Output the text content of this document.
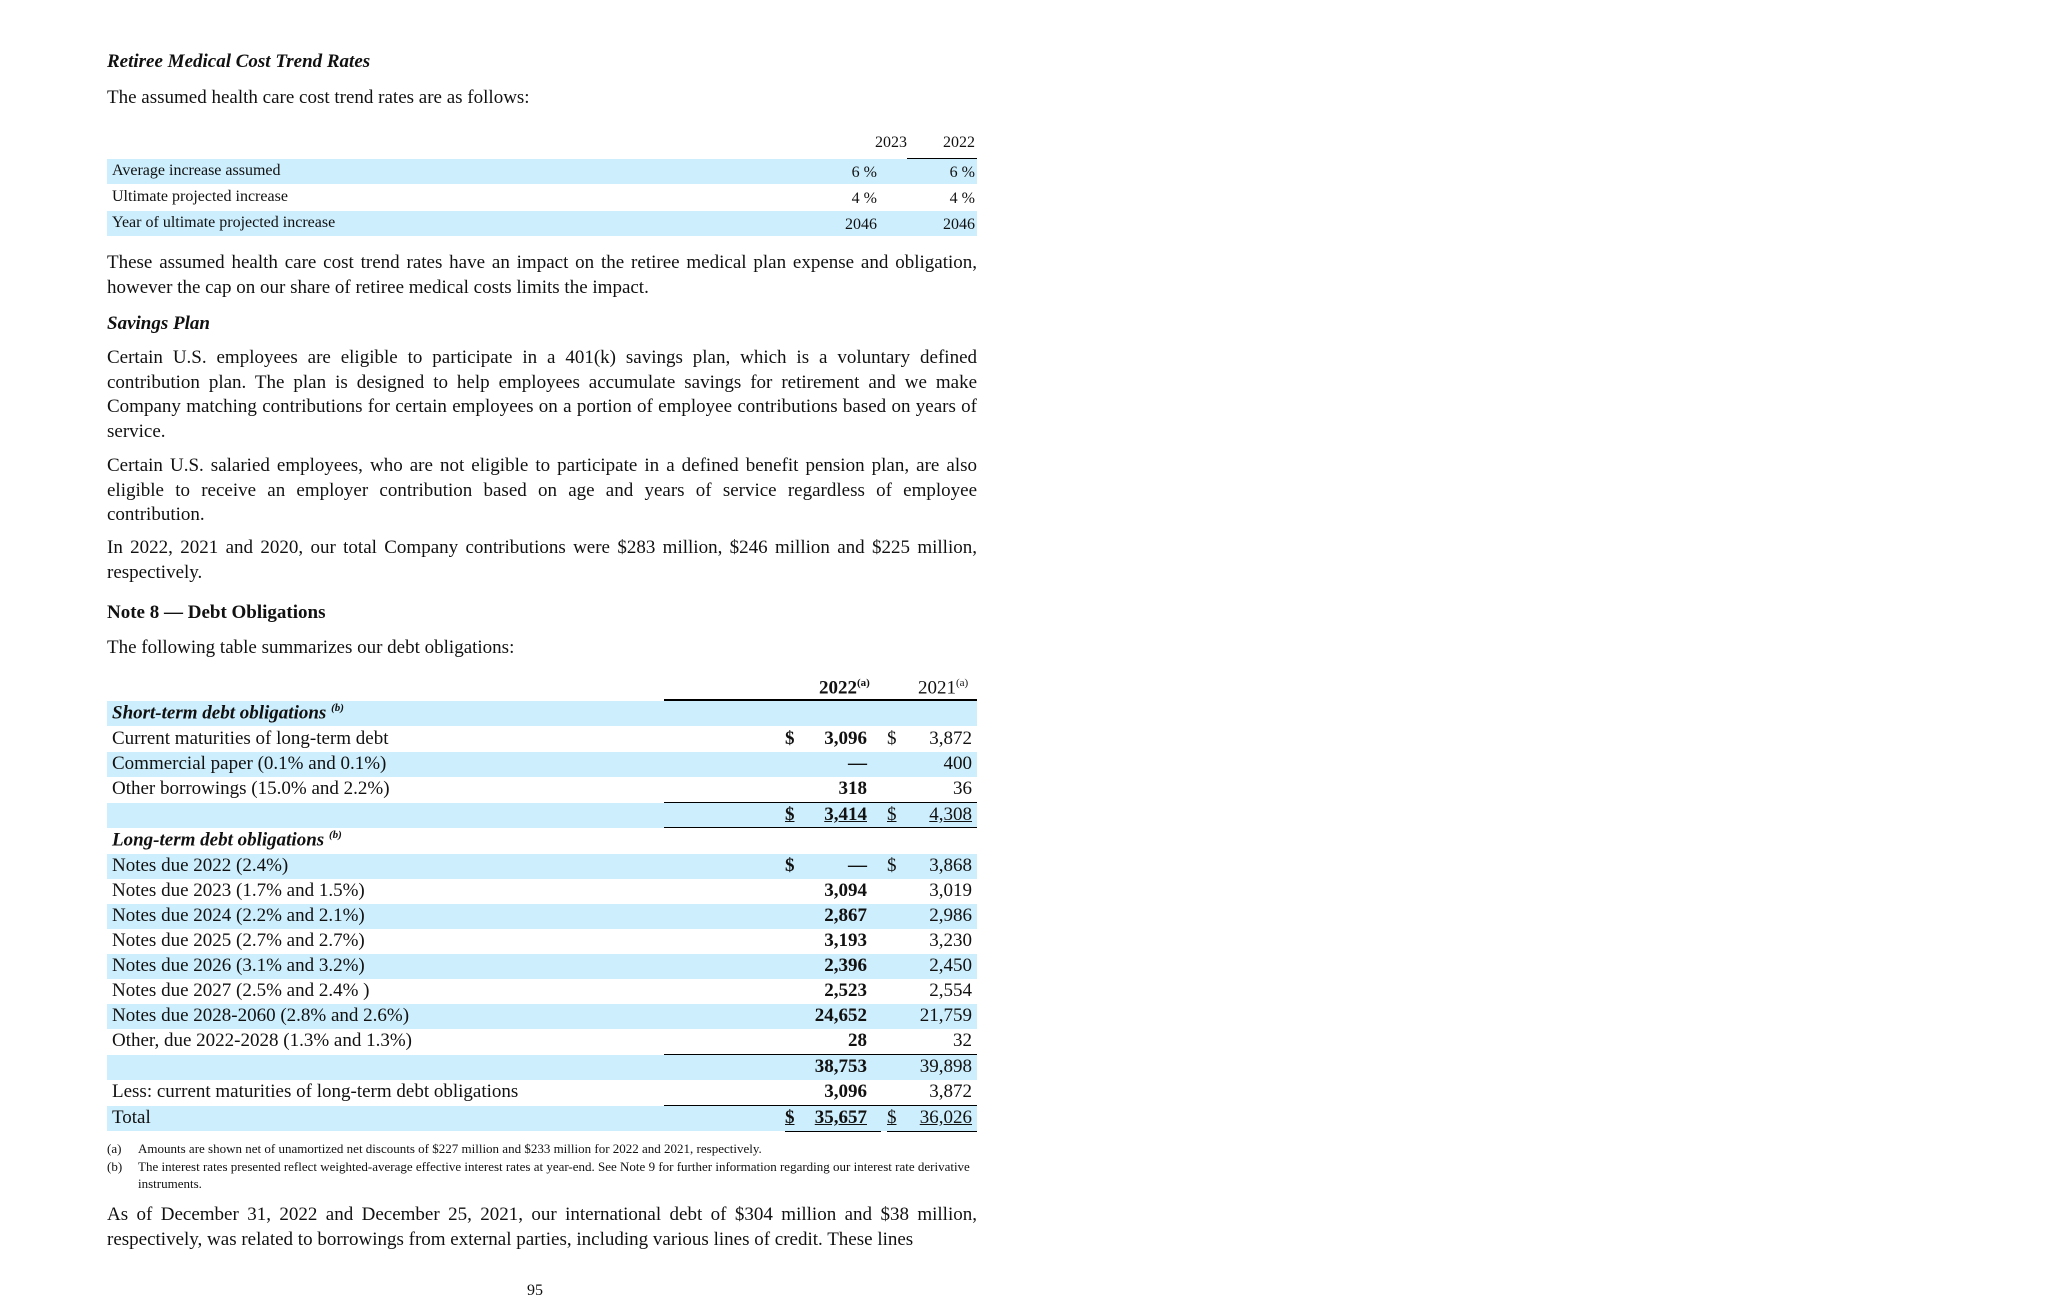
Retiree Medical Cost Trend Rates

The assumed health care cost trend rates are as follows:

2023 2022
Average increase assumed	6 %	6 %
Ultimate projected increase	4 %	4 %
Year of ultimate projected increase	2046	2046

These assumed health care cost trend rates have an impact on the retiree medical plan expense and obligation, however the cap on our share of retiree medical costs limits the impact.

Savings Plan

Certain U.S. employees are eligible to participate in a 401(k) savings plan, which is a voluntary defined contribution plan. The plan is designed to help employees accumulate savings for retirement and we make Company matching contributions for certain employees on a portion of employee contributions based on years of service.

Certain U.S. salaried employees, who are not eligible to participate in a defined benefit pension plan, are also eligible to receive an employer contribution based on age and years of service regardless of employee contribution.

In 2022, 2021 and 2020, our total Company contributions were $283 million, $246 million and $225 million, respectively.

Note 8 — Debt Obligations

The following table summarizes our debt obligations:

2022$^{(a)}$	2021$^{(a)}$
Short-term debt obligations $^{(b)}$
Current maturities of long-term debt	$ 3,096 $ 3,872
Commercial paper (0.1% and 0.1%)	—	400
Other borrowings (15.0% and 2.2%)	318	36
$ 3,414 $ 4,308
Long-term debt obligations $^{(b)}$
Notes due 2022 (2.4%)	$	— $ 3,868
Notes due 2023 (1.7% and 1.5%)	3,094	3,019
Notes due 2024 (2.2% and 2.1%)	2,867	2,986
Notes due 2025 (2.7% and 2.7%)	3,193	3,230
Notes due 2026 (3.1% and 3.2%)	2,396	2,450
Notes due 2027 (2.5% and 2.4% )	2,523	2,554
Notes due 2028-2060 (2.8% and 2.6%)	24,652	21,759
Other, due 2022-2028 (1.3% and 1.3%)	28	32
38,753	39,898
Less: current maturities of long-term debt obligations	3,096	3,872
Total	$ 35,657 $ 36,026
(a) Amounts are shown net of unamortized net discounts of $227 million and $233 million for 2022 and 2021, respectively.
(b) The interest rates presented reflect weighted-average effective interest rates at year-end. See Note 9 for further information regarding our interest rate derivative instruments.

As of December 31, 2022 and December 25, 2021, our international debt of $304 million and $38 million, respectively, was related to borrowings from external parties, including various lines of credit. These lines

95
